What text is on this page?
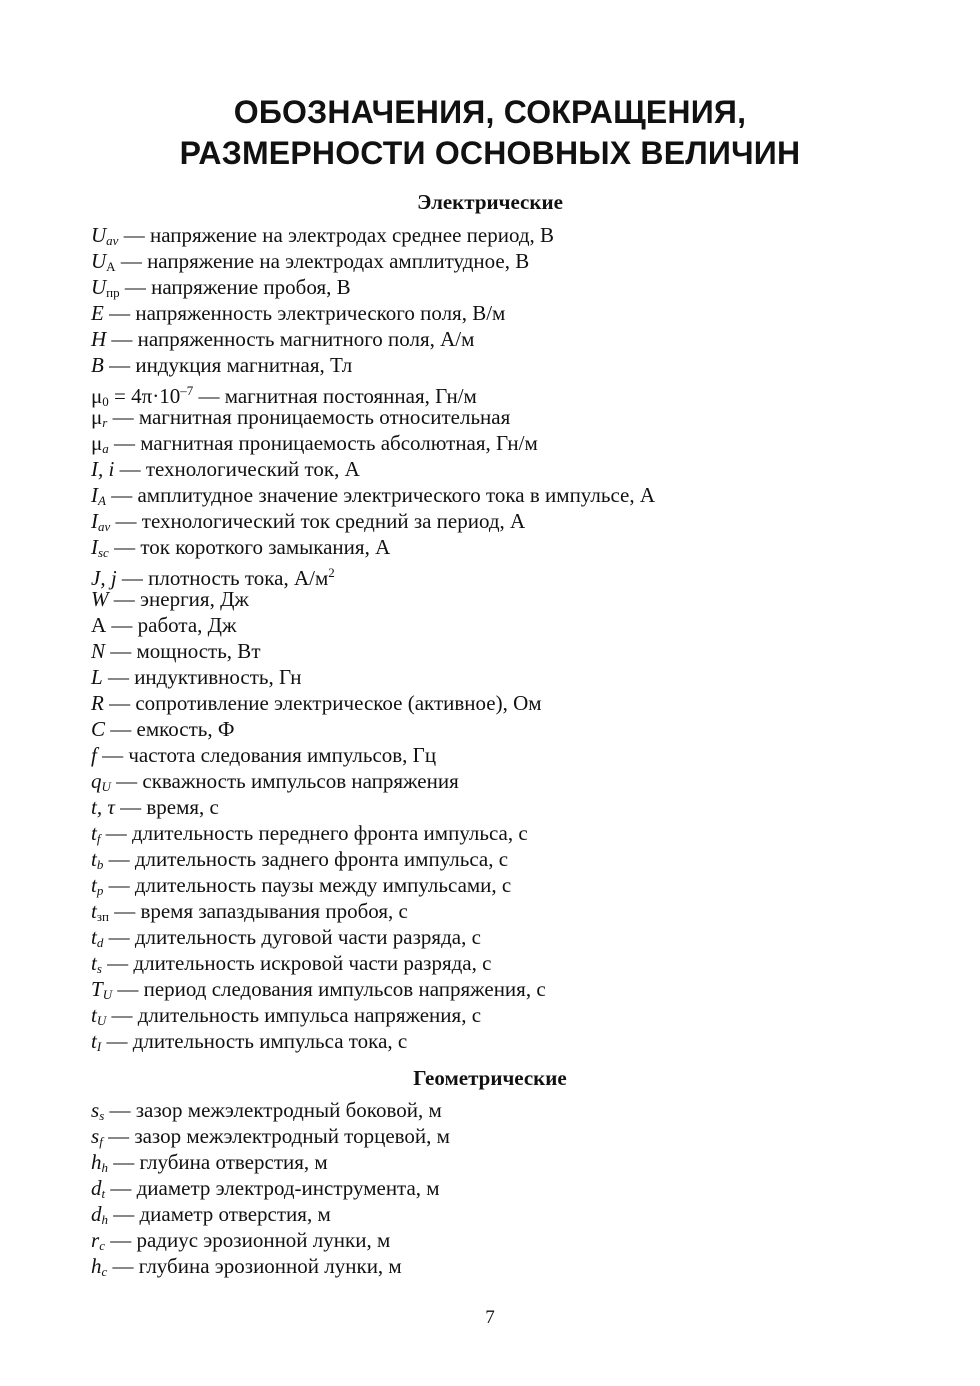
ОБОЗНАЧЕНИЯ, СОКРАЩЕНИЯ,
РАЗМЕРНОСТИ ОСНОВНЫХ ВЕЛИЧИН
Электрические
$U_{av}$ — напряжение на электродах среднее период, В
$U_А$ — напряжение на электродах амплитудное, В
$U_{пр}$ — напряжение пробоя, В
E — напряженность электрического поля, В/м
H — напряженность магнитного поля, А/м
B — индукция магнитная, Тл
$\mu_0 = 4\pi\cdot 10^{-7}$ — магнитная постоянная, Гн/м
$\mu_r$ — магнитная проницаемость относительная
$\mu_a$ — магнитная проницаемость абсолютная, Гн/м
I, i — технологический ток, А
$I_A$ — амплитудное значение электрического тока в импульсе, А
$I_{av}$ — технологический ток средний за период, А
$I_{sc}$ — ток короткого замыкания, А
J, j — плотность тока, $А/м^2$
W — энергия, Дж
А — работа, Дж
N — мощность, Вт
L — индуктивность, Гн
R — сопротивление электрическое (активное), Ом
C — емкость, Ф
f — частота следования импульсов, Гц
$q_U$ — скважность импульсов напряжения
t, τ — время, с
$t_f$ — длительность переднего фронта импульса, с
$t_b$ — длительность заднего фронта импульса, с
$t_p$ — длительность паузы между импульсами, с
$t_{зп}$ — время запаздывания пробоя, с
$t_d$ — длительность дуговой части разряда, с
$t_s$ — длительность искровой части разряда, с
$T_U$ — период следования импульсов напряжения, с
$t_U$ — длительность импульса напряжения, с
$t_I$ — длительность импульса тока, с
Геометрические
$s_s$ — зазор межэлектродный боковой, м
$s_f$ — зазор межэлектродный торцевой, м
$h_h$ — глубина отверстия, м
$d_t$ — диаметр электрод-инструмента, м
$d_h$ — диаметр отверстия, м
$r_c$ — радиус эрозионной лунки, м
$h_c$ — глубина эрозионной лунки, м
7
